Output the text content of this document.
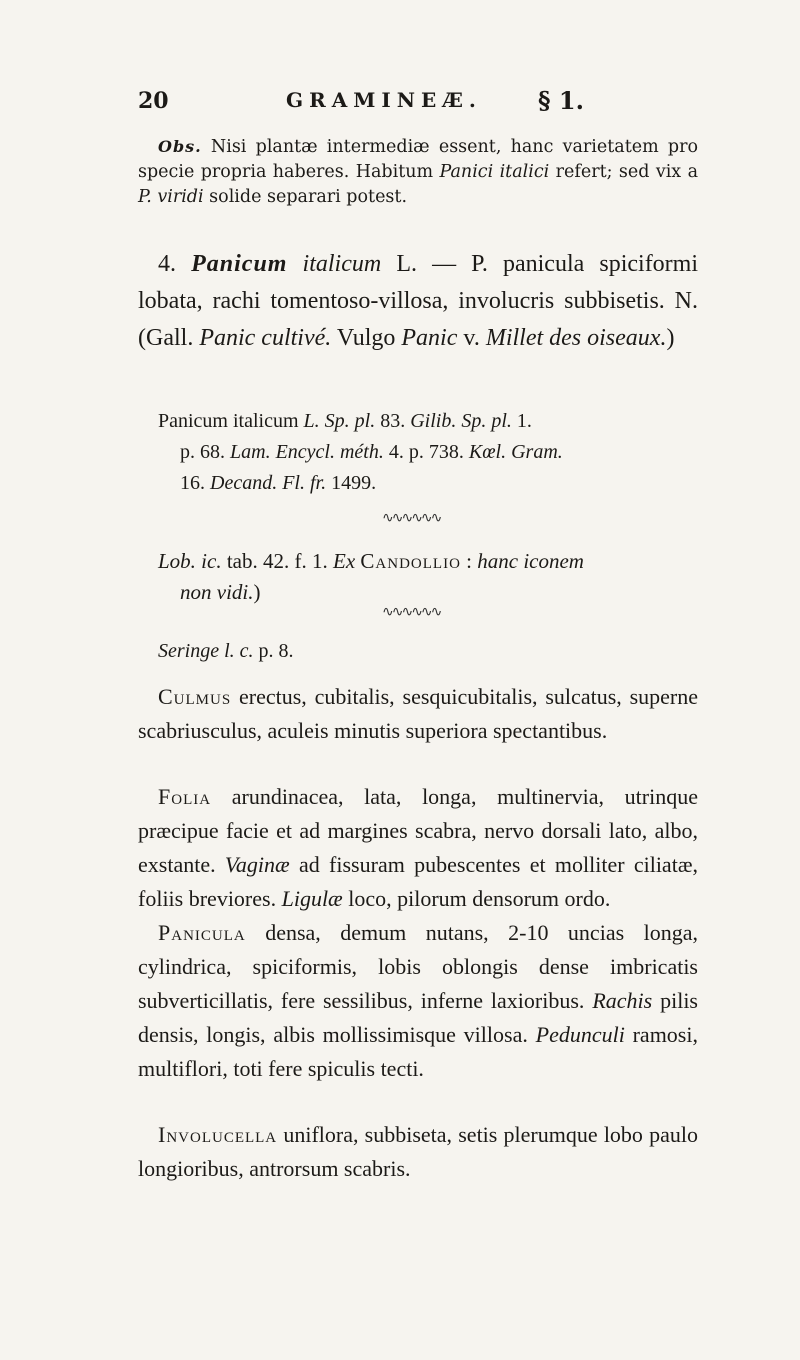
20	GRAMINEÆ. § 1.

Obs. Nisi plantæ intermediæ essent, hanc varietatem pro specie propria haberes. Habitum Panici italici refert; sed vix a P. viridi solide separari potest.

4. Panicum italicum L. — P. panicula spiciformi lobata, rachi tomentoso-villosa, involucris subbisetis. N. (Gall. Panic cultivé. Vulgo Panic v. Millet des oiseaux.)

Panicum italicum L. Sp. pl. 83. Gilib. Sp. pl. 1.
p. 68. Lam. Encycl. méth. 4. p. 738. Kœl. Gram.
16. Decand. Fl. fr. 1499.
∿∿∿∿∿∿
Lob. ic. tab. 42. f. 1. Ex Candollio : hanc iconem
non vidi.)
∿∿∿∿∿∿
Seringe l. c. p. 8.

Culmus erectus, cubitalis, sesquicubitalis, sulcatus, superne scabriusculus, aculeis minutis superiora spectantibus.

Folia arundinacea, lata, longa, multinervia, utrinque præcipue facie et ad margines scabra, nervo dorsali lato, albo, exstante. Vaginæ ad fissuram pubescentes et molliter ciliatæ, foliis breviores. Ligulæ loco, pilorum densorum ordo.

Panicula densa, demum nutans, 2-10 uncias longa, cylindrica, spiciformis, lobis oblongis dense imbricatis subverticillatis, fere sessilibus, inferne laxioribus. Rachis pilis densis, longis, albis mollissimisque villosa. Pedunculi ramosi, multiflori, toti fere spiculis tecti.

Involucella uniflora, subbiseta, setis plerumque lobo paulo longioribus, antrorsum scabris.
